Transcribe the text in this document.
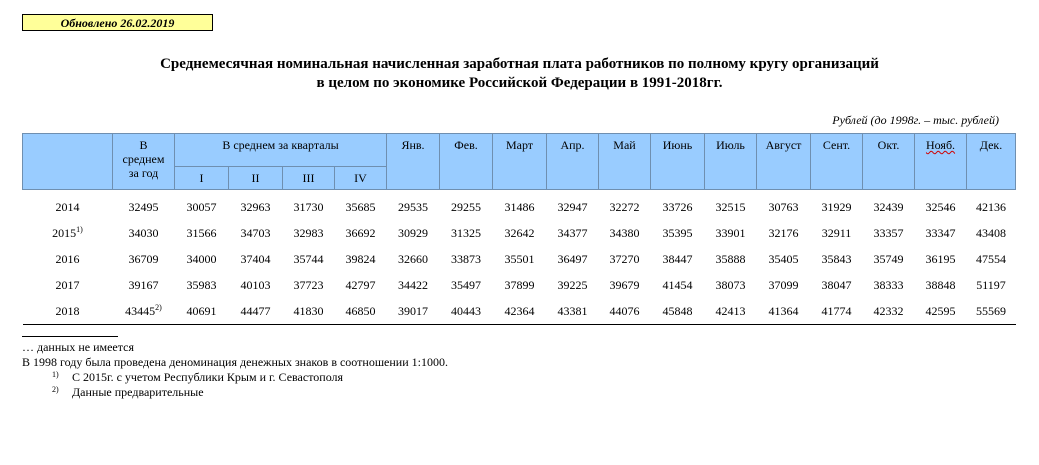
Обновлено 26.02.2019
Среднемесячная номинальная начисленная заработная плата работников по полному кругу организаций
в целом по экономике Российской Федерации в 1991-2018гг.
Рублей (до 1998г. – тыс. рублей)

	В
среднем
за год	В среднем за кварталы				Янв.	Фев.	Март	Апр.	Май	Июнь	Июль	Август	Сент.	Окт.	Нояб.	Дек.
		I	II	III	IV												
2014	32495	30057	32963	31730	35685	29535	29255	31486	32947	32272	33726	32515	30763	31929	32439	32546	42136
2015$^{1)}$	34030	31566	34703	32983	36692	30929	31325	32642	34377	34380	35395	33901	32176	32911	33357	33347	43408
2016	36709	34000	37404	35744	39824	32660	33873	35501	36497	37270	38447	35888	35405	35843	35749	36195	47554
2017	39167	35983	40103	37723	42797	34422	35497	37899	39225	39679	41454	38073	37099	38047	38333	38848	51197
2018	43445$^{2)}$	40691	44477	41830	46850	39017	40443	42364	43381	44076	45848	42413	41364	41774	42332	42595	55569
… данных не имеется
В 1998 году была проведена деноминация денежных знаков в соотношении 1:1000.
$^{1)}$ С 2015г. с учетом Республики Крым и г. Севастополя
$^{2)}$ Данные предварительные
